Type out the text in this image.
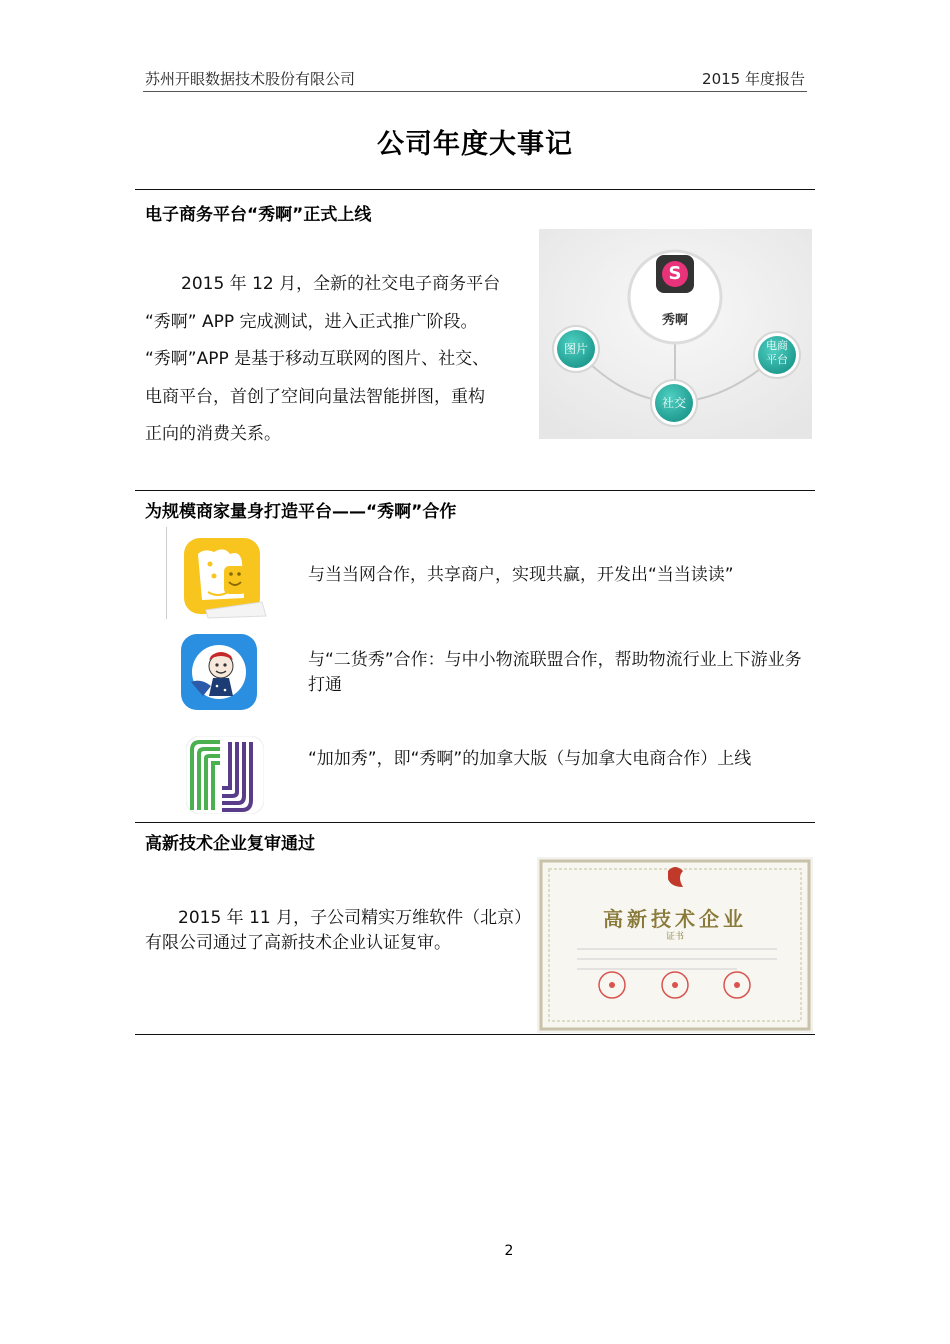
苏州开眼数据技术股份有限公司	2015 年度报告
公司年度大事记
电子商务平台“秀啊”正式上线
2015 年 12 月，全新的社交电子商务平台
“秀啊” APP 完成测试，进入正式推广阶段。
“秀啊”APP 是基于移动互联网的图片、社交、
电商平台，首创了空间向量法智能拼图，重构
正向的消费关系。
S
秀啊
图片
社交
电商
平台
为规模商家量身打造平台——“秀啊”合作
与当当网合作，共享商户，实现共赢，开发出“当当读读”
与“二货秀”合作：与中小物流联盟合作，帮助物流行业上下游业务打通
“加加秀”，即“秀啊”的加拿大版（与加拿大电商合作）上线
高新技术企业复审通过
2015 年 11 月，子公司精实万维软件（北京）
有限公司通过了高新技术企业认证复审。
高新技术企业
证书
2
